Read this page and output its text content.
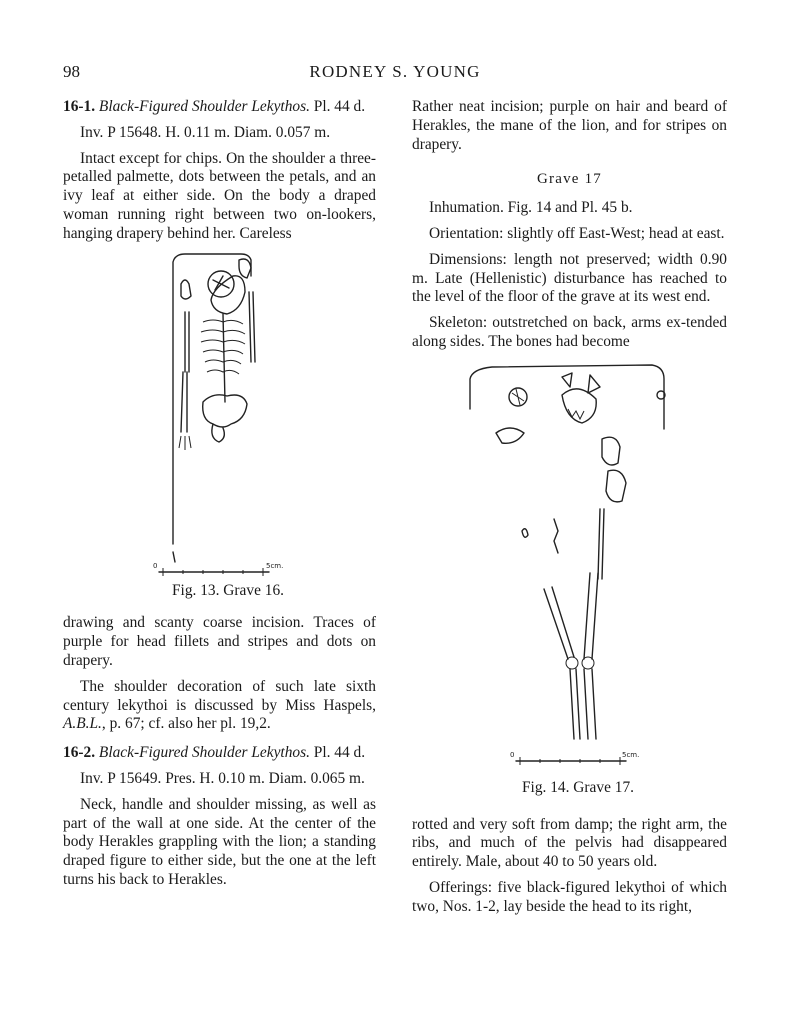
98	RODNEY S. YOUNG

16-1. Black-Figured Shoulder Lekythos. Pl. 44 d.

Inv. P 15648. H. 0.11 m. Diam. 0.057 m.

Intact except for chips. On the shoulder a three-petalled palmette, dots between the petals, and an ivy leaf at either side. On the body a draped woman running right between two on-lookers, hanging drapery behind her. Careless

0	5cm.

Fig. 13. Grave 16.

drawing and scanty coarse incision. Traces of purple for head fillets and stripes and dots on drapery.

The shoulder decoration of such late sixth century lekythoi is discussed by Miss Haspels, A.B.L., p. 67; cf. also her pl. 19,2.

16-2. Black-Figured Shoulder Lekythos. Pl. 44 d.

Inv. P 15649. Pres. H. 0.10 m. Diam. 0.065 m.

Neck, handle and shoulder missing, as well as part of the wall at one side. At the center of the body Herakles grappling with the lion; a standing draped figure to either side, but the one at the left turns his back to Herakles.

Rather neat incision; purple on hair and beard of Herakles, the mane of the lion, and for stripes on drapery.

Grave 17

Inhumation. Fig. 14 and Pl. 45 b.

Orientation: slightly off East-West; head at east.

Dimensions: length not preserved; width 0.90 m. Late (Hellenistic) disturbance has reached to the level of the floor of the grave at its west end.

Skeleton: outstretched on back, arms ex-tended along sides. The bones had become

0	5cm.

Fig. 14. Grave 17.

rotted and very soft from damp; the right arm, the ribs, and much of the pelvis had disappeared entirely. Male, about 40 to 50 years old.

Offerings: five black-figured lekythoi of which two, Nos. 1-2, lay beside the head to its right,
